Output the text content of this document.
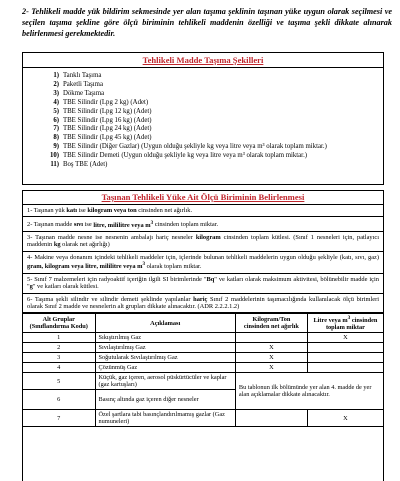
2- Tehlikeli madde yük bildirim sekmesinde yer alan taşıma şeklinin taşınan yüke uygun olarak seçilmesi ve seçilen taşıma şekline göre ölçü biriminin tehlikeli maddenin özelliği ve taşıma şekli dikkate alınarak belirlenmesi gerekmektedir.
Tehlikeli Madde Taşıma Şekilleri
1) Tanklı Taşıma
2) Paketli Taşıma
3) Dökme Taşıma
4) TBE Silindir (Lpg 2 kg) (Adet)
5) TBE Silindir (Lpg 12 kg) (Adet)
6) TBE Silindir (Lpg 16 kg) (Adet)
7) TBE Silindir (Lpg 24 kg) (Adet)
8) TBE Silindir (Lpg 45 kg) (Adet)
9) TBE Silindir (Diğer Gazlar) (Uygun olduğu şekliyle kg veya litre veya m³ olarak toplam miktar.)
10) TBE Silindir Demeti (Uygun olduğu şekliyle kg veya litre veya m³ olarak toplam miktar.)
11) Boş TBE (Adet)
Taşınan Tehlikeli Yüke Ait Ölçü Biriminin Belirlenmesi
1- Taşınan yük katı ise kilogram veya ton cinsinden net ağırlık.
2- Taşınan madde sıvı ise litre, mililitre veya $m^3$ cinsinden toplam miktar.
3- Taşınan madde nesne ise nesnenin ambalajı hariç nesneler kilogram cinsinden toplam kütlesi. (Sınıf 1 nesneleri için, patlayıcı maddenin kg olarak net ağırlığı)
4- Makine veya donanım içindeki tehlikeli maddeler için, içlerinde bulunan tehlikeli maddelerin uygun olduğu şekliyle (katı, sıvı, gaz) gram, kilogram veya litre, mililitre veya $m^3$ olarak toplam miktar.
5- Sınıf 7 malzemeleri için radyoaktif içeriğin ilgili SI birimlerinde "Bq" ve katları olarak maksimum aktivitesi, bölünebilir madde için "g" ve katları olarak kütlesi.
6- Taşıma şekli silindir ve silindir demeti şeklinde yapılanlar hariç Sınıf 2 maddelerinin taşımacılığında kullanılacak ölçü birimleri olarak Sınıf 2 madde ve nesnelerin alt grupları dikkate alınacaktır. (ADR 2.2.2.1.2)
Alt Gruplar (Sınıflandırma Kodu)	Açıklaması	Kilogram/Ton cinsinden net ağırlık	Litre veya $m^3$ cinsinden toplam miktar
1	Sıkıştırılmış Gaz		X
2	Sıvılaştırılmış Gaz	X	
3	Soğutularak Sıvılaştırılmış Gaz	X	
4	Çözünmüş Gaz	X	
5	Küçük, gaz içeren, aerosol püskürtücüler ve kaplar (gaz kartuşları)	Bu tablonun ilk bölümünde yer alan 4. madde de yer alan açıklamalar dikkate alınacaktır.	
6	Basınç altında gaz içeren diğer nesneler		
7	Özel şartlara tabi basınçlandırılmamış gazlar (Gaz numuneleri)		X
